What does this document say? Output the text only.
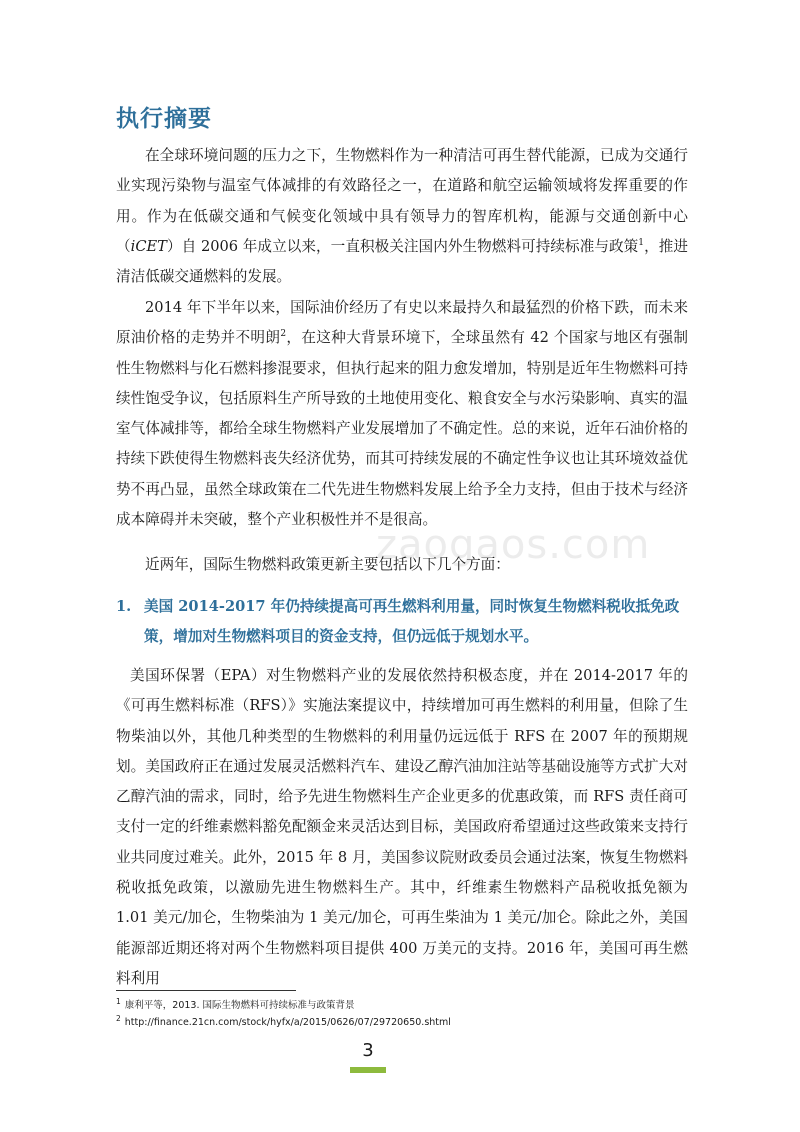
zaogaos.com
执行摘要

在全球环境问题的压力之下，生物燃料作为一种清洁可再生替代能源，已成为交通行业实现污染物与温室气体减排的有效路径之一，在道路和航空运输领域将发挥重要的作用。作为在低碳交通和气候变化领域中具有领导力的智库机构，能源与交通创新中心（iCET）自 2006 年成立以来，一直积极关注国内外生物燃料可持续标准与政策$^1$，推进清洁低碳交通燃料的发展。

2014 年下半年以来，国际油价经历了有史以来最持久和最猛烈的价格下跌，而未来原油价格的走势并不明朗$^2$，在这种大背景环境下，全球虽然有 42 个国家与地区有强制性生物燃料与化石燃料掺混要求，但执行起来的阻力愈发增加，特别是近年生物燃料可持续性饱受争议，包括原料生产所导致的土地使用变化、粮食安全与水污染影响、真实的温室气体减排等，都给全球生物燃料产业发展增加了不确定性。总的来说，近年石油价格的持续下跌使得生物燃料丧失经济优势，而其可持续发展的不确定性争议也让其环境效益优势不再凸显，虽然全球政策在二代先进生物燃料发展上给予全力支持，但由于技术与经济成本障碍并未突破，整个产业积极性并不是很高。

近两年，国际生物燃料政策更新主要包括以下几个方面：

1. 美国 2014-2017 年仍持续提高可再生燃料利用量，同时恢复生物燃料税收抵免政策，增加对生物燃料项目的资金支持，但仍远低于规划水平。

美国环保署（EPA）对生物燃料产业的发展依然持积极态度，并在 2014-2017 年的《可再生燃料标准（RFS）》实施法案提议中，持续增加可再生燃料的利用量，但除了生物柴油以外，其他几种类型的生物燃料的利用量仍远远低于 RFS 在 2007 年的预期规划。美国政府正在通过发展灵活燃料汽车、建设乙醇汽油加注站等基础设施等方式扩大对乙醇汽油的需求，同时，给予先进生物燃料生产企业更多的优惠政策，而 RFS 责任商可支付一定的纤维素燃料豁免配额金来灵活达到目标，美国政府希望通过这些政策来支持行业共同度过难关。此外，2015 年 8 月，美国参议院财政委员会通过法案，恢复生物燃料税收抵免政策，以激励先进生物燃料生产。其中，纤维素生物燃料产品税收抵免额为 1.01 美元/加仑，生物柴油为 1 美元/加仑，可再生柴油为 1 美元/加仑。除此之外，美国能源部近期还将对两个生物燃料项目提供 400 万美元的支持。2016 年，美国可再生燃料利用

$^1$ 康利平等，2013. 国际生物燃料可持续标准与政策背景
$^2$ http://finance.21cn.com/stock/hyfx/a/2015/0626/07/29720650.shtml
3
